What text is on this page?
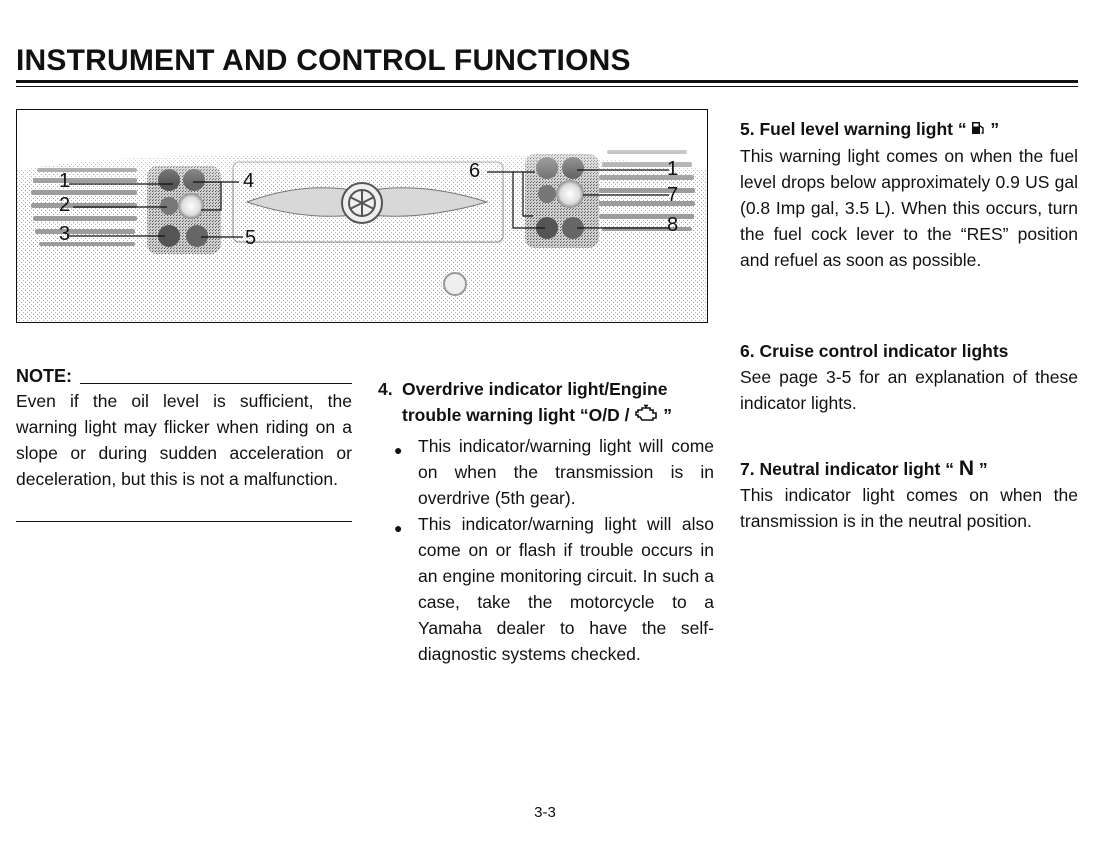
INSTRUMENT AND CONTROL FUNCTIONS
1
2
3
4
5
6	1
7
8
NOTE:
Even if the oil level is sufficient, the warning light may flicker when riding on a slope or during sudden acceleration or deceleration, but this is not a malfunction.

4. Overdrive indicator light/Engine
trouble warning light “O/D /  ”

● This indicator/warning light will come on when the transmission is in overdrive (5th gear).
● This indicator/warning light will also come on or flash if trouble occurs in an engine monitoring circuit. In such a case, take the motorcycle to a Yamaha dealer to have the self-diagnostic systems checked.

5. Fuel level warning light “  ”

This warning light comes on when the fuel level drops below approximately 0.9 US gal (0.8 Imp gal, 3.5 L). When this occurs, turn the fuel cock lever to the “RES” position and refuel as soon as possible.

6. Cruise control indicator lights

See page 3-5 for an explanation of these indicator lights.

7. Neutral indicator light “ N ”

This indicator light comes on when the transmission is in the neutral position.

3-3
